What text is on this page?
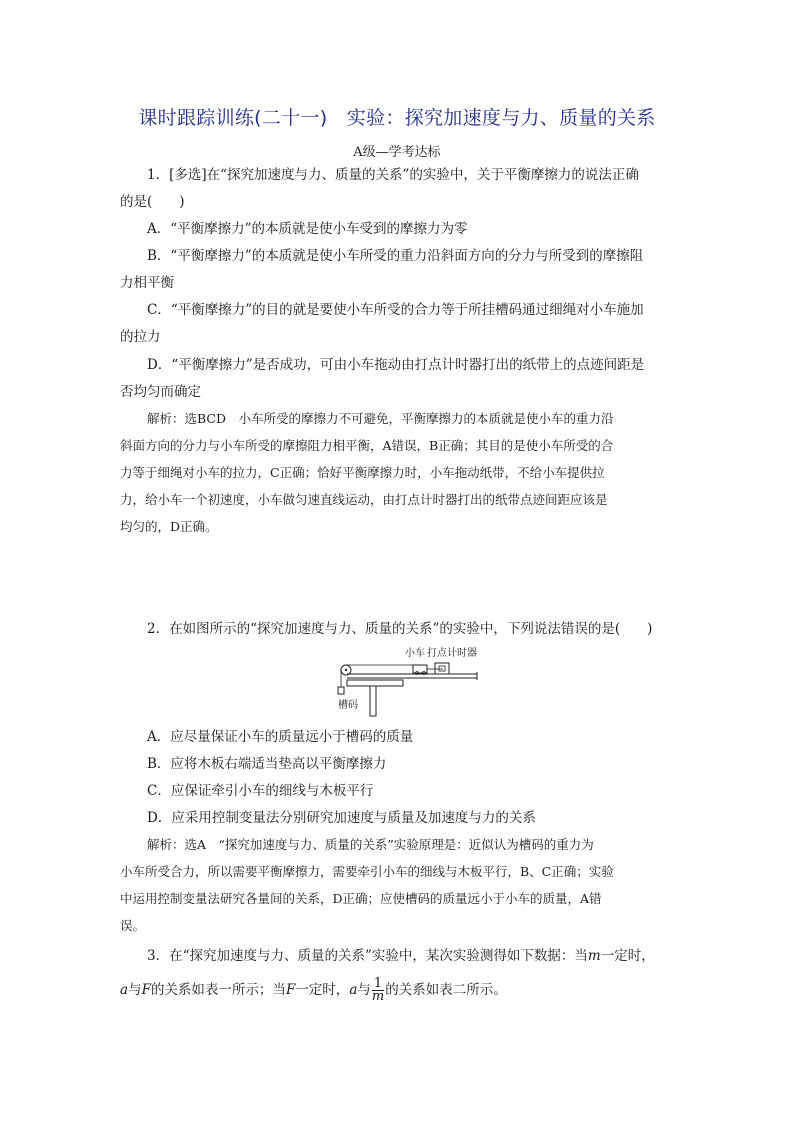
课时跟踪训练(二十一)　实验：探究加速度与力、质量的关系
A级—学考达标
1．[多选]在“探究加速度与力、质量的关系”的实验中，关于平衡摩擦力的说法正确
的是(　　)
A．“平衡摩擦力”的本质就是使小车受到的摩擦力为零
B．“平衡摩擦力”的本质就是使小车所受的重力沿斜面方向的分力与所受到的摩擦阻
力相平衡
C．“平衡摩擦力”的目的就是要使小车所受的合力等于所挂槽码通过细绳对小车施加
的拉力
D．“平衡摩擦力”是否成功，可由小车拖动由打点计时器打出的纸带上的点迹间距是
否均匀而确定
解析：选BCD　小车所受的摩擦力不可避免，平衡摩擦力的本质就是使小车的重力沿
斜面方向的分力与小车所受的摩擦阻力相平衡，A错误，B正确；其目的是使小车所受的合
力等于细绳对小车的拉力，C正确；恰好平衡摩擦力时，小车拖动纸带，不给小车提供拉
力，给小车一个初速度，小车做匀速直线运动，由打点计时器打出的纸带点迹间距应该是
均匀的，D正确。
2．在如图所示的“探究加速度与力、质量的关系”的实验中，下列说法错误的是(　　)
小车 打点计时器
槽码
A．应尽量保证小车的质量远小于槽码的质量
B．应将木板右端适当垫高以平衡摩擦力
C．应保证牵引小车的细线与木板平行
D．应采用控制变量法分别研究加速度与质量及加速度与力的关系
解析：选A　“探究加速度与力、质量的关系”实验原理是：近似认为槽码的重力为
小车所受合力，所以需要平衡摩擦力，需要牵引小车的细线与木板平行，B、C正确；实验
中运用控制变量法研究各量间的关系，D正确；应使槽码的质量远小于小车的质量，A错
误。
3．在“探究加速度与力、质量的关系”实验中，某次实验测得如下数据：当m一定时，
a与F的关系如表一所示；当F一定时，a与 $\frac{1}{m}$ 的关系如表二所示。
